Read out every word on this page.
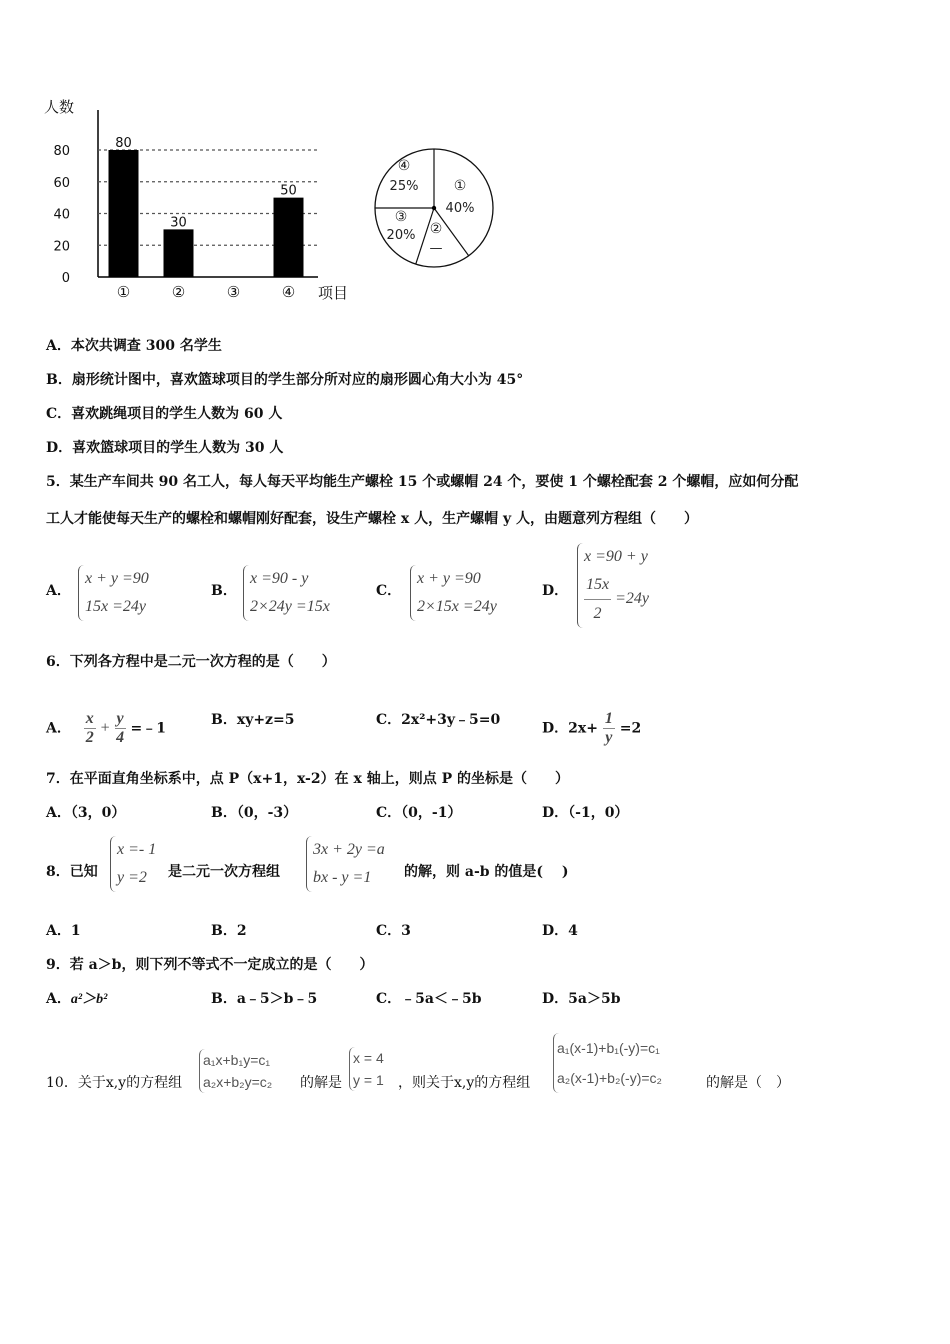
人数
项目
0
20
40
60
80
80
①
30
②	③
50
④
①
40%
②
—
③
20%
④
25%
A．本次共调查 300 名学生
B．扇形统计图中，喜欢篮球项目的学生部分所对应的扇形圆心角大小为 45°
C．喜欢跳绳项目的学生人数为 60 人
D．喜欢篮球项目的学生人数为 30 人
5．某生产车间共 90 名工人，每人每天平均能生产螺栓 15 个或螺帽 24 个，要使 1 个螺栓配套 2 个螺帽，应如何分配
工人才能使每天生产的螺栓和螺帽刚好配套，设生产螺栓 x 人，生产螺帽 y 人，由题意列方程组（　　）
A．
x + y =90
15x =24y
B．
x =90 - y
2×24y =15x
C．
x + y =90
2×15x =24y
D．
x =90 + y
$\frac{15x}{2} =24y$
6．下列各方程中是二元一次方程的是（　　）
A． $\frac{x}{2} + \frac{y}{4}$ =﹣1
B．xy+z=5	C．2x²+3y﹣5=0
D．$2x+ \frac{1}{y} =2$
7．在平面直角坐标系中，点 P（x+1，x-2）在 x 轴上，则点 P 的坐标是（　　）
A．（3，0）	B．（0，-3）	C．（0，-1）	D．（-1，0）
8．已知
x =- 1
y =2	是二元一次方程组
3x + 2y =a
bx - y =1	的解，则 a-b 的值是(　 )
A．1	B．2	C．3	D．4
9．若 a＞b，则下列不等式不一定成立的是（　　）
A．a²＞b²	B．a﹣5＞b﹣5	C．﹣5a＜﹣5b	D．5a＞5b
10．关于x,y的方程组
a₁x+b₁y=c₁
a₂x+b₂y=c₂ 的解是
x = 4
y = 1 ，则关于x,y的方程组
a₁(x-1)+b₁(-y)=c₁
a₂(x-1)+b₂(-y)=c₂	的解是（　）
